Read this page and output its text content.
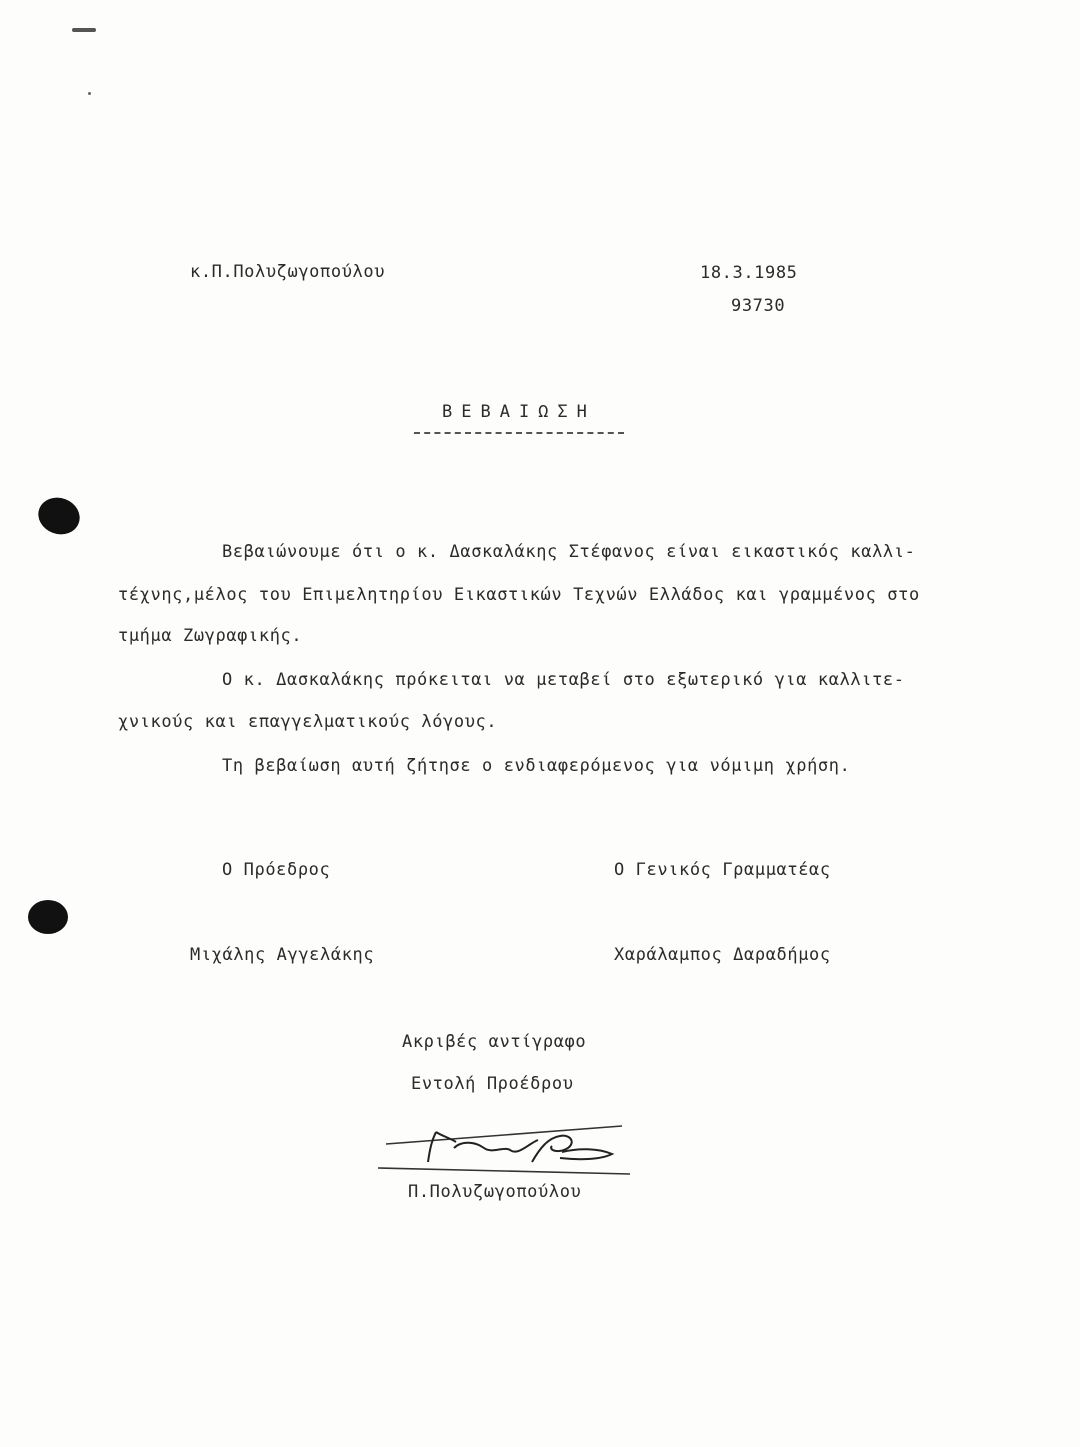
κ.Π.Πολυζωγοπούλου	18.3.1985
93730
ΒΕΒΑΙΩΣΗ
Βεβαιώνουμε ότι ο κ. Δασκαλάκης Στέφανος είναι εικαστικός καλλι-
τέχνης,μέλος του Επιμελητηρίου Εικαστικών Τεχνών Ελλάδος και γραμμένος στο
τμήμα Ζωγραφικής.
Ο κ. Δασκαλάκης πρόκειται να μεταβεί στο εξωτερικό για καλλιτε-
χνικούς και επαγγελματικούς λόγους.
Τη βεβαίωση αυτή ζήτησε ο ενδιαφερόμενος για νόμιμη χρήση.
Ο Πρόεδρος	Ο Γενικός Γραμματέας
Μιχάλης Αγγελάκης	Χαράλαμπος Δαραδήμος
Ακριβές αντίγραφο
Εντολή Προέδρου
Π.Πολυζωγοπούλου
